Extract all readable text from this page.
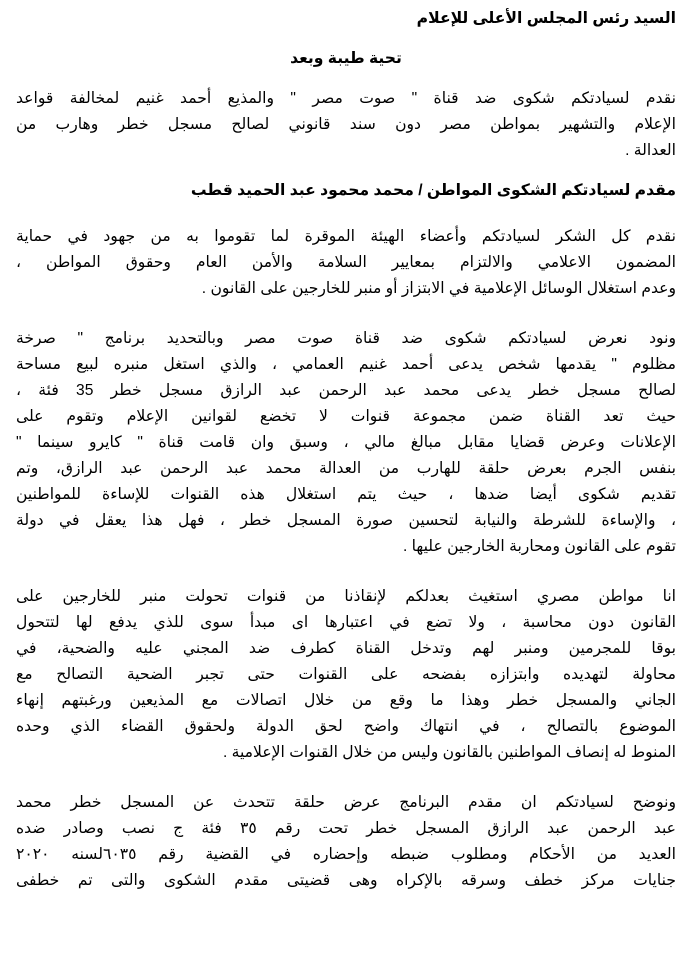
السيد رئس المجلس الأعلى للإعلام
تحية طيبة وبعد
نقدم لسيادتكم شكوى ضد قناة " صوت مصر " والمذيع أحمد غنيم لمخالفة قواعد
الإعلام والتشهير بمواطن مصر دون سند قانوني لصالح مسجل خطر وهارب من
العدالة .
مقدم لسيادتكم الشكوى المواطن / محمد محمود عبد الحميد قطب
نقدم كل الشكر لسيادتكم وأعضاء الهيئة الموقرة لما تقوموا به من جهود في حماية
المضمون الاعلامي والالتزام بمعايير السلامة والأمن العام وحقوق المواطن ،
وعدم استغلال الوسائل الإعلامية في الابتزاز أو منبر للخارجين على القانون .
ونود نعرض لسيادتكم شكوى ضد قناة صوت مصر وبالتحديد برنامج " صرخة
مظلوم " يقدمها شخص يدعى أحمد غنيم العمامي ، والذي استغل منبره لبيع مساحة
لصالح مسجل خطر يدعى محمد عبد الرحمن عبد الرازق مسجل خطر 35 فئة ،
حيث تعد القناة ضمن مجموعة قنوات لا تخضع لقوانين الإعلام وتقوم على
الإعلانات وعرض قضايا مقابل مبالغ مالي ، وسبق وان قامت قناة " كايرو سينما "
بنفس الجرم بعرض حلقة للهارب من العدالة محمد عبد الرحمن عبد الرازق، وتم
تقديم شكوى أيضا ضدها ، حيث يتم استغلال هذه القنوات للإساءة للمواطنين
، والإساءة للشرطة والنيابة لتحسين صورة المسجل خطر ، فهل هذا يعقل في دولة
تقوم على القانون ومحاربة الخارجين عليها .
انا مواطن مصري استغيث بعدلكم لإنقاذنا من قنوات تحولت منبر للخارجين على
القانون دون محاسبة ، ولا تضع في اعتبارها اى مبدأ سوى للذي يدفع لها لتتحول
بوقا للمجرمين ومنبر لهم وتدخل القناة كطرف ضد المجني عليه والضحية، في
محاولة لتهديده وابتزازه بفضحه على القنوات حتى تجبر الضحية التصالح مع
الجاني والمسجل خطر وهذا ما وقع من خلال اتصالات مع المذيعين ورغبتهم إنهاء
الموضوع بالتصالح ، في انتهاك واضح لحق الدولة ولحقوق القضاء الذي وحده
المنوط له إنصاف المواطنين بالقانون وليس من خلال القنوات الإعلامية .
ونوضح لسيادتكم ان مقدم البرنامج عرض حلقة تتحدث عن المسجل خطر محمد
عبد الرحمن عبد الرازق المسجل خطر تحت رقم ٣٥ فئة ج نصب وصادر ضده
العديد من الأحكام ومطلوب ضبطه وإحضاره في القضية رقم ٦٠٣٥لسنه ٢٠٢٠
جنايات مركز خطف وسرقه بالإكراه وهى قضيتى مقدم الشكوى والتى تم خطفى
